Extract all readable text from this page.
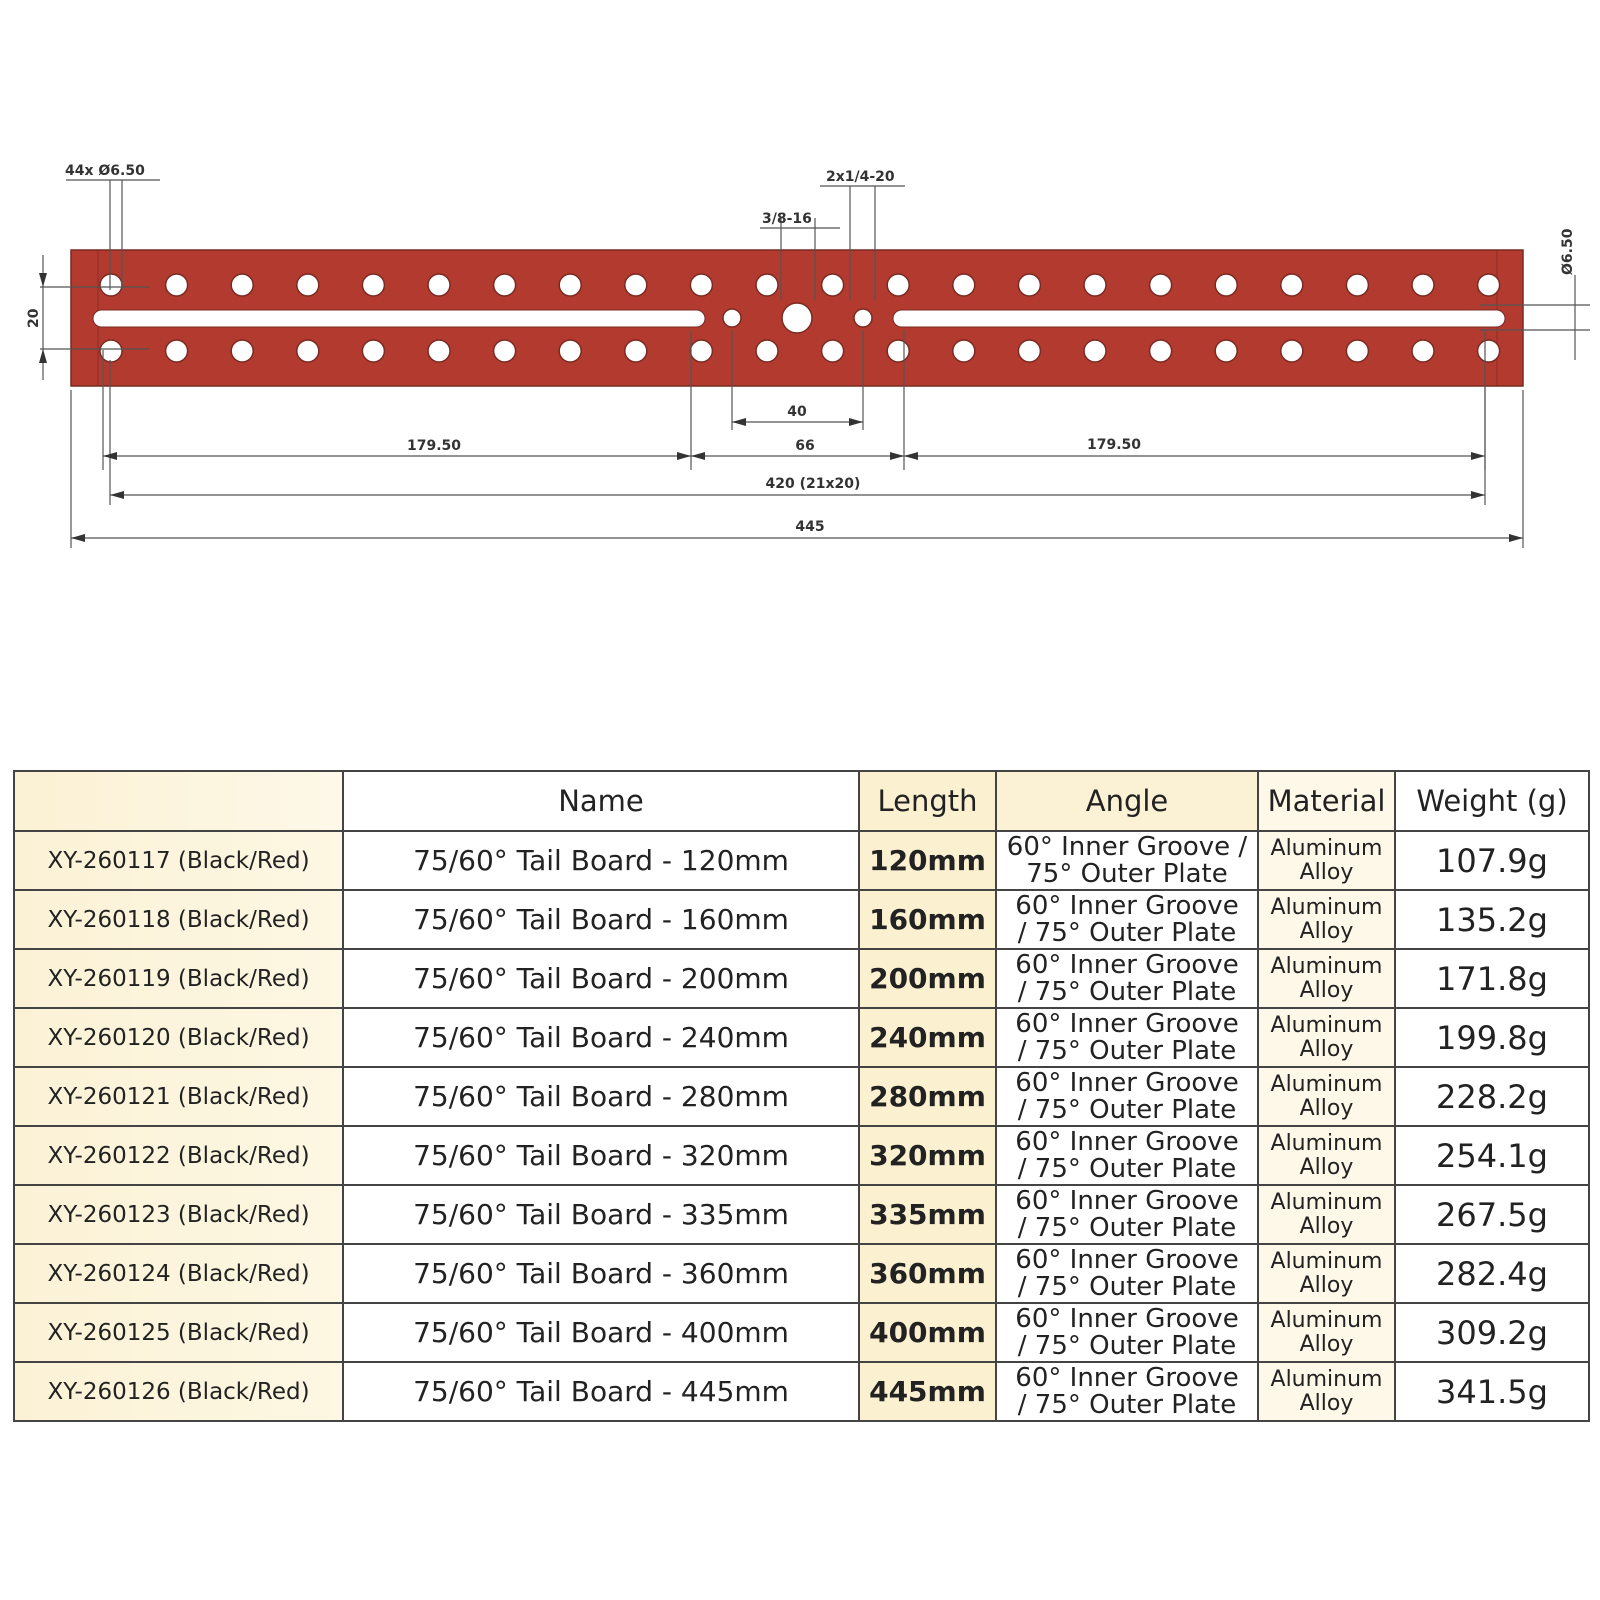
44x Ø6.50
3/8-16
2x1/4-20
Ø6.50
20
40
66
179.50	179.50
420 (21x20)
445
	Name	Length	Angle	Material	Weight (g)
XY-260117 (Black/Red)	75/60° Tail Board - 120mm	120mm	60° Inner Groove /
75° Outer Plate	Aluminum
Alloy	107.9g
XY-260118 (Black/Red)	75/60° Tail Board - 160mm	160mm	60° Inner Groove
/ 75° Outer Plate	Aluminum
Alloy	135.2g
XY-260119 (Black/Red)	75/60° Tail Board - 200mm	200mm	60° Inner Groove
/ 75° Outer Plate	Aluminum
Alloy	171.8g
XY-260120 (Black/Red)	75/60° Tail Board - 240mm	240mm	60° Inner Groove
/ 75° Outer Plate	Aluminum
Alloy	199.8g
XY-260121 (Black/Red)	75/60° Tail Board - 280mm	280mm	60° Inner Groove
/ 75° Outer Plate	Aluminum
Alloy	228.2g
XY-260122 (Black/Red)	75/60° Tail Board - 320mm	320mm	60° Inner Groove
/ 75° Outer Plate	Aluminum
Alloy	254.1g
XY-260123 (Black/Red)	75/60° Tail Board - 335mm	335mm	60° Inner Groove
/ 75° Outer Plate	Aluminum
Alloy	267.5g
XY-260124 (Black/Red)	75/60° Tail Board - 360mm	360mm	60° Inner Groove
/ 75° Outer Plate	Aluminum
Alloy	282.4g
XY-260125 (Black/Red)	75/60° Tail Board - 400mm	400mm	60° Inner Groove
/ 75° Outer Plate	Aluminum
Alloy	309.2g
XY-260126 (Black/Red)	75/60° Tail Board - 445mm	445mm	60° Inner Groove
/ 75° Outer Plate	Aluminum
Alloy	341.5g
